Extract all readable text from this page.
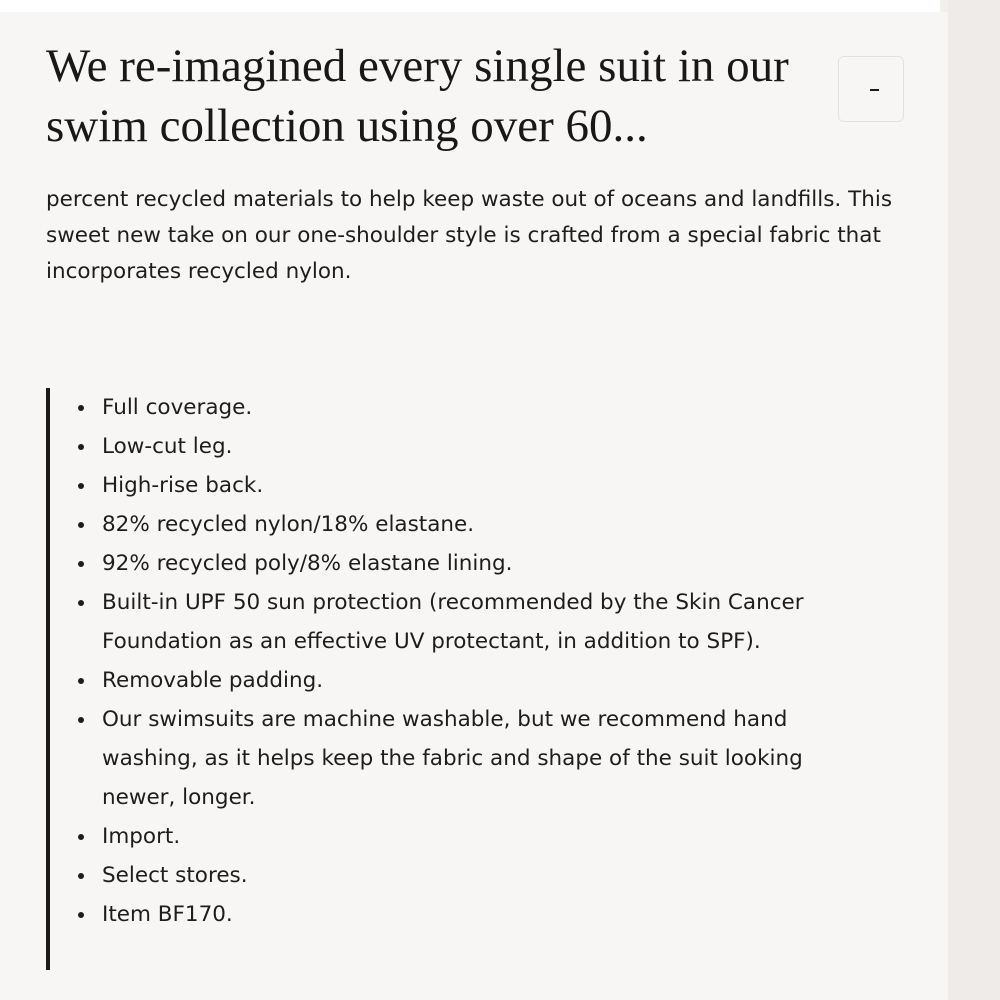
We re-imagined every single suit in our swim collection using over 60...

percent recycled materials to help keep waste out of oceans and landfills. This sweet new take on our one-shoulder style is crafted from a special fabric that incorporates recycled nylon.

Full coverage.
Low-cut leg.
High-rise back.
82% recycled nylon/18% elastane.
92% recycled poly/8% elastane lining.
Built-in UPF 50 sun protection (recommended by the Skin Cancer Foundation as an effective UV protectant, in addition to SPF).
Removable padding.
Our swimsuits are machine washable, but we recommend hand washing, as it helps keep the fabric and shape of the suit looking newer, longer.
Import.
Select stores.
Item BF170.
